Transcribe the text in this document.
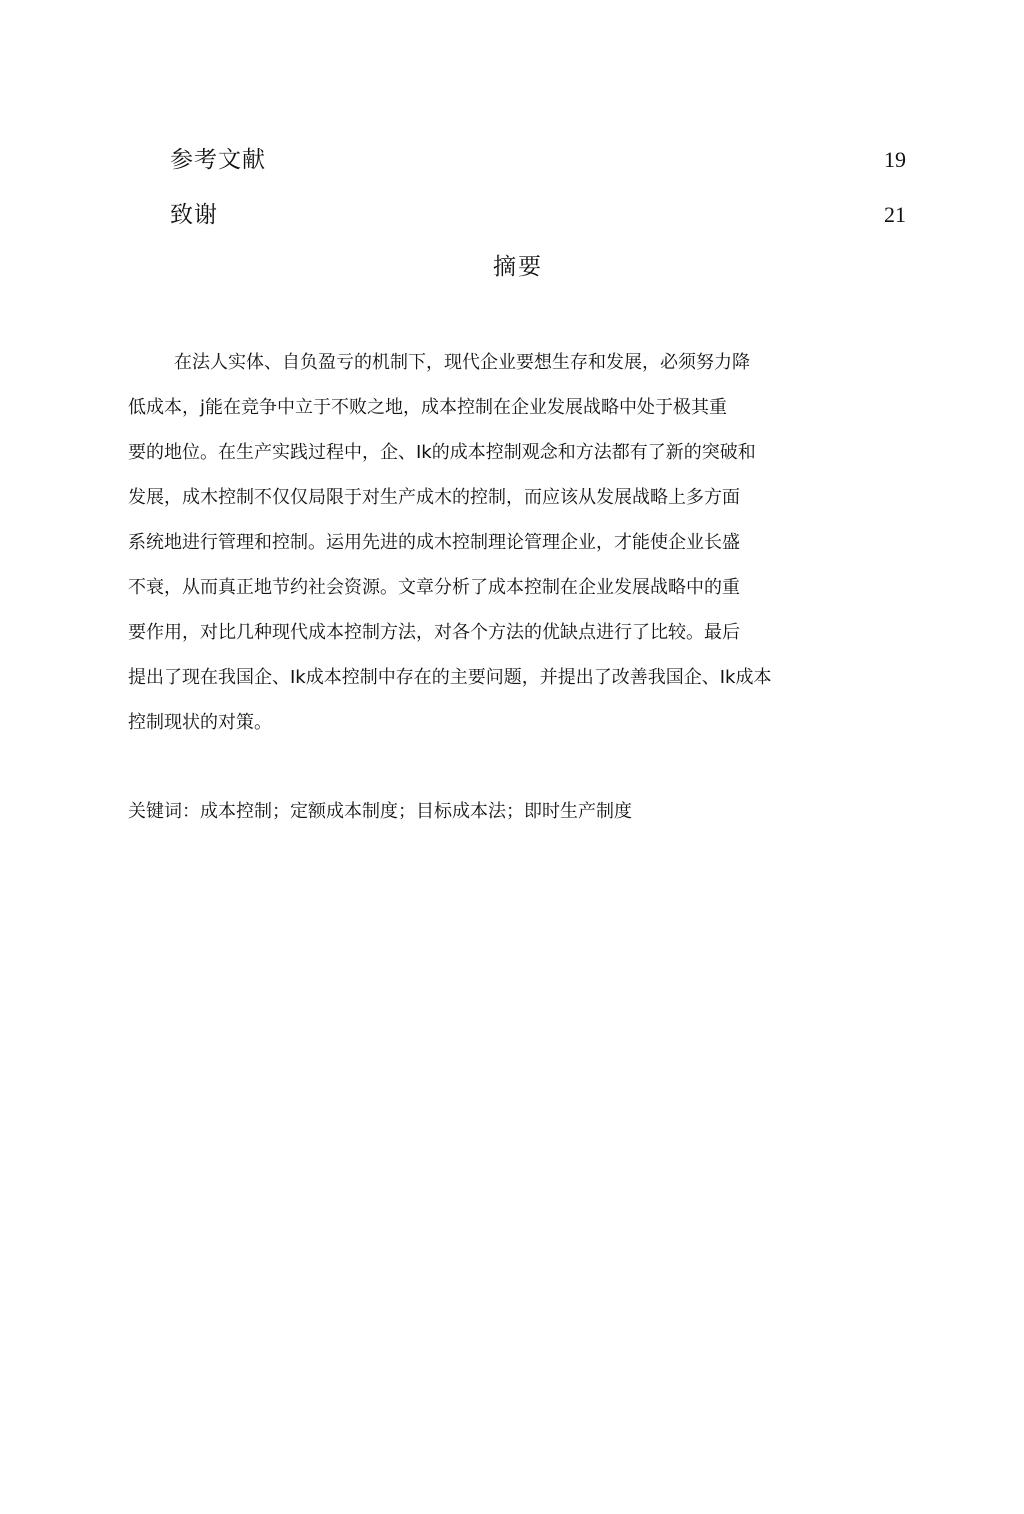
参考文献	19
致谢	21
摘要
在法人实体、自负盈亏的机制下，现代企业要想生存和发展，必须努力降
低成本，j能在竞争中立于不败之地，成本控制在企业发展战略中处于极其重
要的地位。在生产实践过程中，企、Ik的成本控制观念和方法都有了新的突破和
发展，成木控制不仅仅局限于对生产成木的控制，而应该从发展战略上多方面
系统地进行管理和控制。运用先进的成木控制理论管理企业，才能使企业长盛
不衰，从而真正地节约社会资源。文章分析了成本控制在企业发展战略中的重
要作用，对比几种现代成本控制方法，对各个方法的优缺点进行了比较。最后
提出了现在我国企、Ik成本控制中存在的主要问题，并提出了改善我国企、Ik成本
控制现状的对策。
关键词：成本控制；定额成本制度；目标成本法；即时生产制度
